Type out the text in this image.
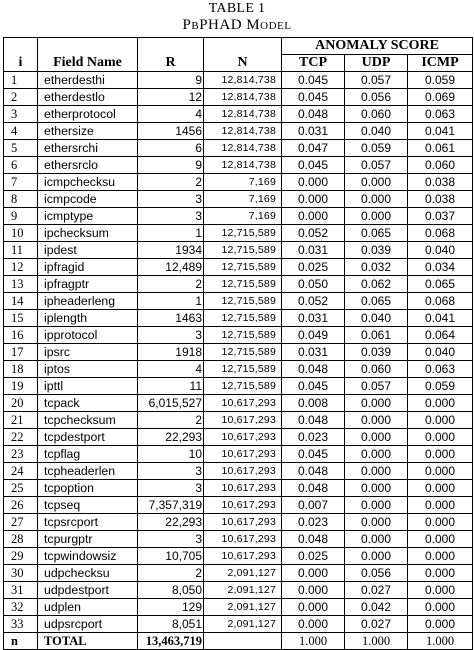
TABLE 1
PbPHAD Model
				ANOMALY SCORE		
i	Field Name	R	N	TCP	UDP	ICMP
1	etherdesthi	9	12,814,738	0.045	0.057	0.059
2	etherdestlo	12	12,814,738	0.045	0.056	0.069
3	etherprotocol	4	12,814,738	0.048	0.060	0.063
4	ethersize	1456	12,814,738	0.031	0.040	0.041
5	ethersrchi	6	12,814,738	0.047	0.059	0.061
6	ethersrclo	9	12,814,738	0.045	0.057	0.060
7	icmpchecksu	2	7,169	0.000	0.000	0.038
8	icmpcode	3	7,169	0.000	0.000	0.038
9	icmptype	3	7,169	0.000	0.000	0.037
10	ipchecksum	1	12,715,589	0.052	0.065	0.068
11	ipdest	1934	12,715,589	0.031	0.039	0.040
12	ipfragid	12,489	12,715,589	0.025	0.032	0.034
13	ipfragptr	2	12,715,589	0.050	0.062	0.065
14	ipheaderleng	1	12,715,589	0.052	0.065	0.068
15	iplength	1463	12,715,589	0.031	0.040	0.041
16	ipprotocol	3	12,715,589	0.049	0.061	0.064
17	ipsrc	1918	12,715,589	0.031	0.039	0.040
18	iptos	4	12,715,589	0.048	0.060	0.063
19	ipttl	11	12,715,589	0.045	0.057	0.059
20	tcpack	6,015,527	10,617,293	0.008	0.000	0.000
21	tcpchecksum	2	10,617,293	0.048	0.000	0.000
22	tcpdestport	22,293	10,617,293	0.023	0.000	0.000
23	tcpflag	10	10,617,293	0.045	0.000	0.000
24	tcpheaderlen	3	10,617,293	0.048	0.000	0.000
25	tcpoption	3	10,617,293	0.048	0.000	0.000
26	tcpseq	7,357,319	10,617,293	0.007	0.000	0.000
27	tcpsrcport	22,293	10,617,293	0.023	0.000	0.000
28	tcpurgptr	3	10,617,293	0.048	0.000	0.000
29	tcpwindowsiz	10,705	10,617,293	0.025	0.000	0.000
30	udpchecksu	2	2,091,127	0.000	0.056	0.000
31	udpdestport	8,050	2,091,127	0.000	0.027	0.000
32	udplen	129	2,091,127	0.000	0.042	0.000
33	udpsrcport	8,051	2,091,127	0.000	0.027	0.000
n	TOTAL	13,463,719		1.000	1.000	1.000
